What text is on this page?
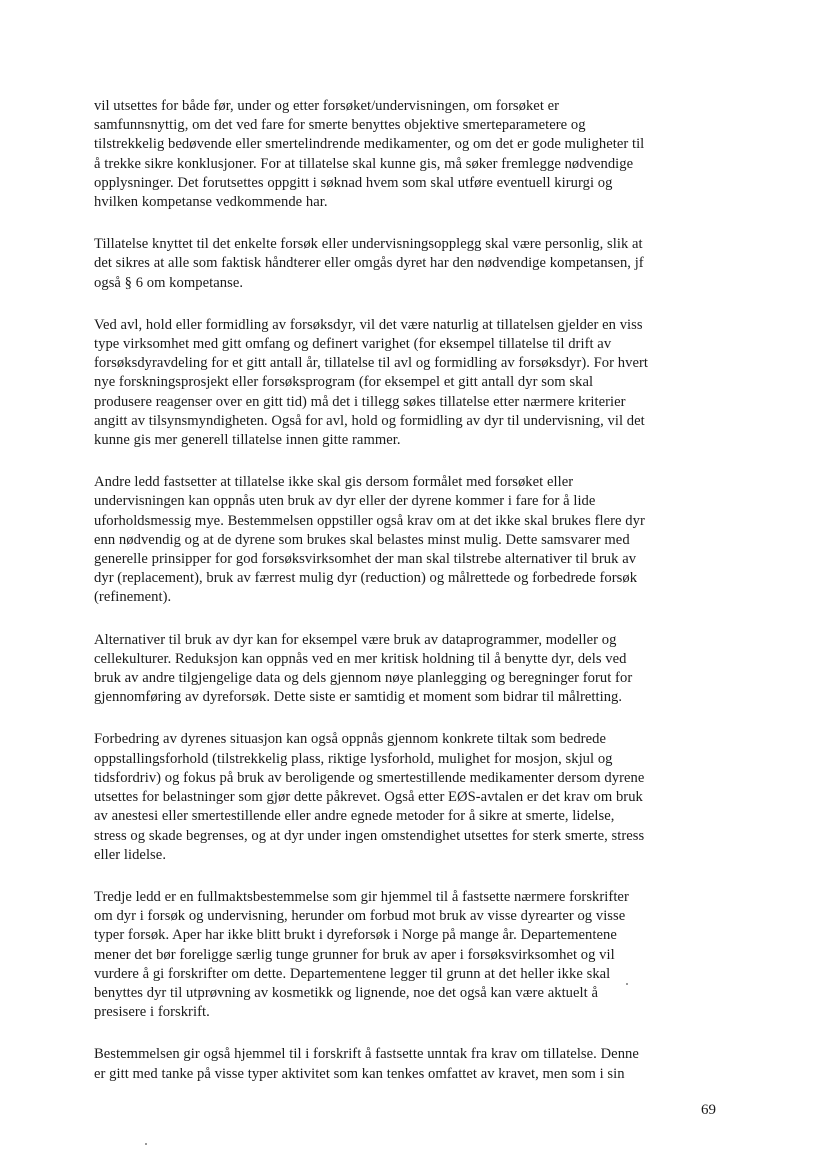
vil utsettes for både før, under og etter forsøket/undervisningen, om forsøket er
samfunnsnyttig, om det ved fare for smerte benyttes objektive smerteparametere og
tilstrekkelig bedøvende eller smertelindrende medikamenter, og om det er gode muligheter til
å trekke sikre konklusjoner. For at tillatelse skal kunne gis, må søker fremlegge nødvendige
opplysninger. Det forutsettes oppgitt i søknad hvem som skal utføre eventuell kirurgi og
hvilken kompetanse vedkommende har.

Tillatelse knyttet til det enkelte forsøk eller undervisningsopplegg skal være personlig, slik at
det sikres at alle som faktisk håndterer eller omgås dyret har den nødvendige kompetansen, jf
også § 6 om kompetanse.

Ved avl, hold eller formidling av forsøksdyr, vil det være naturlig at tillatelsen gjelder en viss
type virksomhet med gitt omfang og definert varighet (for eksempel tillatelse til drift av
forsøksdyravdeling for et gitt antall år, tillatelse til avl og formidling av forsøksdyr). For hvert
nye forskningsprosjekt eller forsøksprogram (for eksempel et gitt antall dyr som skal
produsere reagenser over en gitt tid) må det i tillegg søkes tillatelse etter nærmere kriterier
angitt av tilsynsmyndigheten. Også for avl, hold og formidling av dyr til undervisning, vil det
kunne gis mer generell tillatelse innen gitte rammer.

Andre ledd fastsetter at tillatelse ikke skal gis dersom formålet med forsøket eller
undervisningen kan oppnås uten bruk av dyr eller der dyrene kommer i fare for å lide
uforholdsmessig mye. Bestemmelsen oppstiller også krav om at det ikke skal brukes flere dyr
enn nødvendig og at de dyrene som brukes skal belastes minst mulig. Dette samsvarer med
generelle prinsipper for god forsøksvirksomhet der man skal tilstrebe alternativer til bruk av
dyr (replacement), bruk av færrest mulig dyr (reduction) og målrettede og forbedrede forsøk
(refinement).

Alternativer til bruk av dyr kan for eksempel være bruk av dataprogrammer, modeller og
cellekulturer. Reduksjon kan oppnås ved en mer kritisk holdning til å benytte dyr, dels ved
bruk av andre tilgjengelige data og dels gjennom nøye planlegging og beregninger forut for
gjennomføring av dyreforsøk. Dette siste er samtidig et moment som bidrar til målretting.

Forbedring av dyrenes situasjon kan også oppnås gjennom konkrete tiltak som bedrede
oppstallingsforhold (tilstrekkelig plass, riktige lysforhold, mulighet for mosjon, skjul og
tidsfordriv) og fokus på bruk av beroligende og smertestillende medikamenter dersom dyrene
utsettes for belastninger som gjør dette påkrevet. Også etter EØS-avtalen er det krav om bruk
av anestesi eller smertestillende eller andre egnede metoder for å sikre at smerte, lidelse,
stress og skade begrenses, og at dyr under ingen omstendighet utsettes for sterk smerte, stress
eller lidelse.

Tredje ledd er en fullmaktsbestemmelse som gir hjemmel til å fastsette nærmere forskrifter
om dyr i forsøk og undervisning, herunder om forbud mot bruk av visse dyrearter og visse
typer forsøk. Aper har ikke blitt brukt i dyreforsøk i Norge på mange år. Departementene
mener det bør foreligge særlig tunge grunner for bruk av aper i forsøksvirksomhet og vil
vurdere å gi forskrifter om dette. Departementene legger til grunn at det heller ikke skal
benyttes dyr til utprøvning av kosmetikk og lignende, noe det også kan være aktuelt å
presisere i forskrift.

Bestemmelsen gir også hjemmel til i forskrift å fastsette unntak fra krav om tillatelse. Denne
er gitt med tanke på visse typer aktivitet som kan tenkes omfattet av kravet, men som i sin

69
